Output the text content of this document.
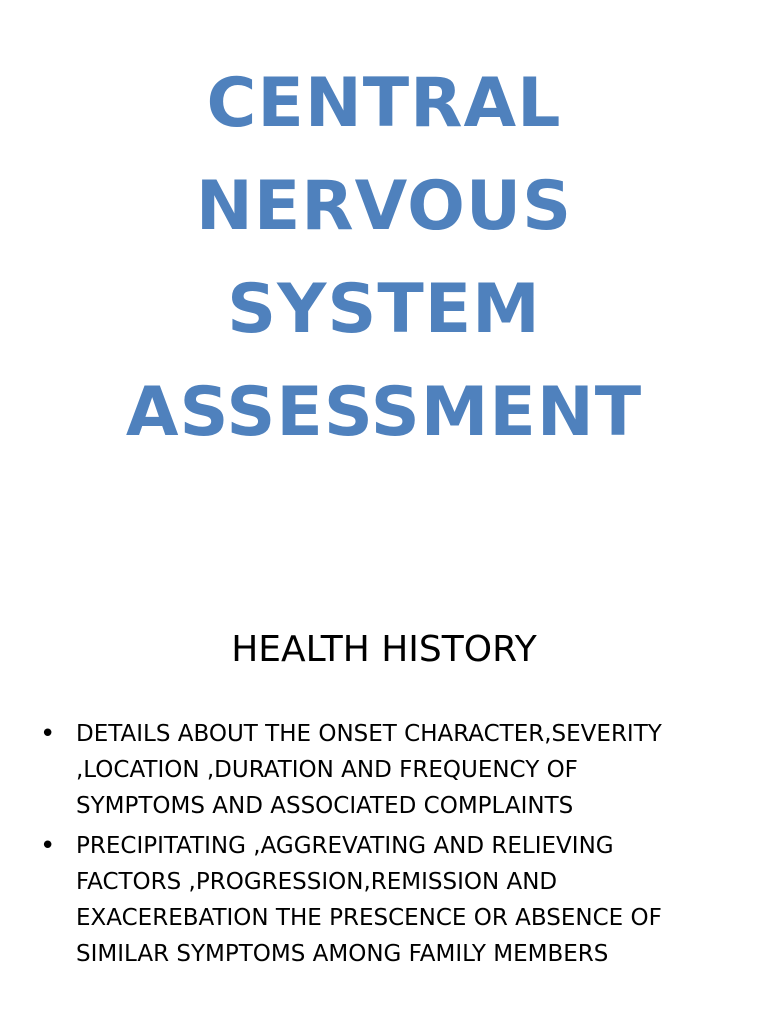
CENTRAL
NERVOUS
SYSTEM
ASSESSMENT
HEALTH HISTORY
• DETAILS ABOUT THE ONSET CHARACTER,SEVERITY
,LOCATION ,DURATION AND FREQUENCY OF
SYMPTOMS AND ASSOCIATED COMPLAINTS
• PRECIPITATING ,AGGREVATING AND RELIEVING
FACTORS ,PROGRESSION,REMISSION AND
EXACEREBATION THE PRESCENCE OR ABSENCE OF
SIMILAR SYMPTOMS AMONG FAMILY MEMBERS
